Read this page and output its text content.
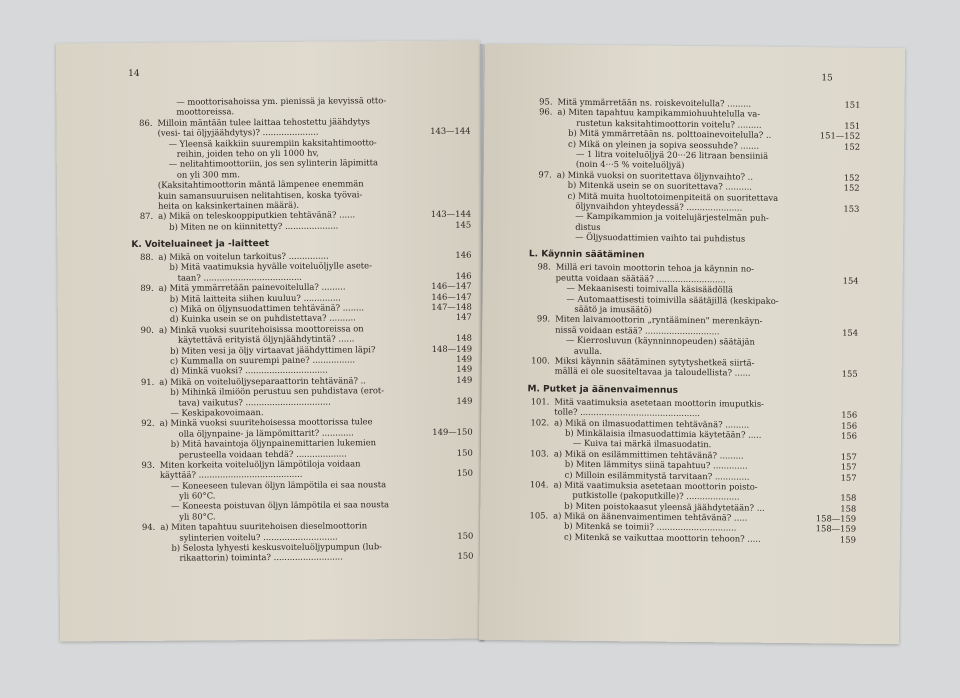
14
— moottorisahoissa ym. pienissä ja kevyissä otto-
moottoreissa.
86. Milloin mäntään tulee laittaa tehostettu jäähdytys
(vesi- tai öljyjäähdytys)? .....................	143—144
— Yleensä kaikkiin suurempiin kaksitahtimootto-
reihin, joiden teho on yli 1000 hv,
— nelitahtimoottoriin, jos sen sylinterin läpimitta
on yli 300 mm.
(Kaksitahtimoottorin mäntä lämpenee enemmän
kuin samansuuruisen nelitahtisen, koska työvai-
heita on kaksinkertainen määrä).
87. a) Mikä on teleskooppiputkien tehtävänä? ......	143—144
b) Miten ne on kiinnitetty? ....................	145
K. Voiteluaineet ja -laitteet
88. a) Mikä on voitelun tarkoitus? ...............	146
b) Mitä vaatimuksia hyvälle voiteluöljylle asete-
taan? .....................................	146
89. a) Mitä ymmärretään painevoitelulla? .........	146—147
b) Mitä laitteita siihen kuuluu? ..............	146—147
c) Mikä on öljynsuodattimen tehtävänä? ........	147—148
d) Kuinka usein se on puhdistettava? ..........	147
90. a) Minkä vuoksi suuritehoisissa moottoreissa on
käytettävä erityistä öljynjäähdytintä? ......	148
b) Miten vesi ja öljy virtaavat jäähdyttimen läpi?	148—149
c) Kummalla on suurempi paine? ................	149
d) Minkä vuoksi? ...............................	149
91. a) Mikä on voiteluöljyseparaattorin tehtävänä? ..	149
b) Mihinkä ilmiöön perustuu sen puhdistava (erot-
tava) vaikutus? ................................	149
— Keskipakovoimaan.
92. a) Minkä vuoksi suuritehoisessa moottorissa tulee
olla öljynpaine- ja lämpömittarit? ............	149—150
b) Mitä havaintoja öljynpainemittarien lukemien
perusteella voidaan tehdä? ...................	150
93. Miten korkeita voiteluöljyn lämpötiloja voidaan
käyttää? .......................................	150
— Koneeseen tulevan öljyn lämpötila ei saa nousta
yli 60°C.
— Koneesta poistuvan öljyn lämpötila ei saa nousta
yli 80°C.
94. a) Miten tapahtuu suuritehoisen dieselmoottorin
sylinterien voitelu? ............................	150
b) Selosta lyhyesti keskusvoiteluöljypumpun (lub-
rikaattorin) toiminta? ..........................	150
15
95. Mitä ymmärretään ns. roiskevoitelulla? .........	151
96. a) Miten tapahtuu kampikammiohuuhtelulla va-
rustetun kaksitahtimoottorin voitelu? .........	151
b) Mitä ymmärretään ns. polttoainevoitelulla? ..	151—152
c) Mikä on yleinen ja sopiva seossuhde? .......	152
— 1 litra voiteluöljyä 20···26 litraan bensiiniä
(noin 4···5 % voiteluöljyä)
97. a) Minkä vuoksi on suoritettava öljynvaihto? ..	152
b) Mitenkä usein se on suoritettava? ..........	152
c) Mitä muita huoltotoimenpiteitä on suoritettava
öljynvaihdon yhteydessä? .....................	153
— Kampikammion ja voitelujärjestelmän puh-
distus
— Öljysuodattimien vaihto tai puhdistus
L. Käynnin säätäminen
98. Millä eri tavoin moottorin tehoa ja käynnin no-
peutta voidaan säätää? ..........................	154
— Mekaanisesti toimivalla käsisäädöllä
— Automaattisesti toimivilla säätäjillä (keskipako-
säätö ja imusäätö)
99. Miten laivamoottorin „ryntääminen" merenkäyn-
nissä voidaan estää? ............................	154
— Kierrosluvun (käynninnopeuden) säätäjän
avulla.
100. Miksi käynnin säätäminen sytytyshetkeä siirtä-
mällä ei ole suositeltavaa ja taloudellista? ......	155
M. Putket ja äänenvaimennus
101. Mitä vaatimuksia asetetaan moottorin imuputkis-
tolle? .............................................	156
102. a) Mikä on ilmasuodattimen tehtävänä? .........	156
b) Minkälaisia ilmasuodattimia käytetään? .....	156
— Kuiva tai märkä ilmasuodatin.
103. a) Mikä on esilämmittimen tehtävänä? .........	157
b) Miten lämmitys siinä tapahtuu? .............	157
c) Milloin esilämmitystä tarvitaan? .............	157
104. a) Mitä vaatimuksia asetetaan moottorin poisto-
putkistolle (pakoputkille)? ....................	158
b) Miten poistokaasut yleensä jäähdytetään? ...	158
105. a) Mikä on äänenvaimentimen tehtävänä? .....	158—159
b) Mitenkä se toimii? ..............................	158—159
c) Mitenkä se vaikuttaa moottorin tehoon? .....	159
